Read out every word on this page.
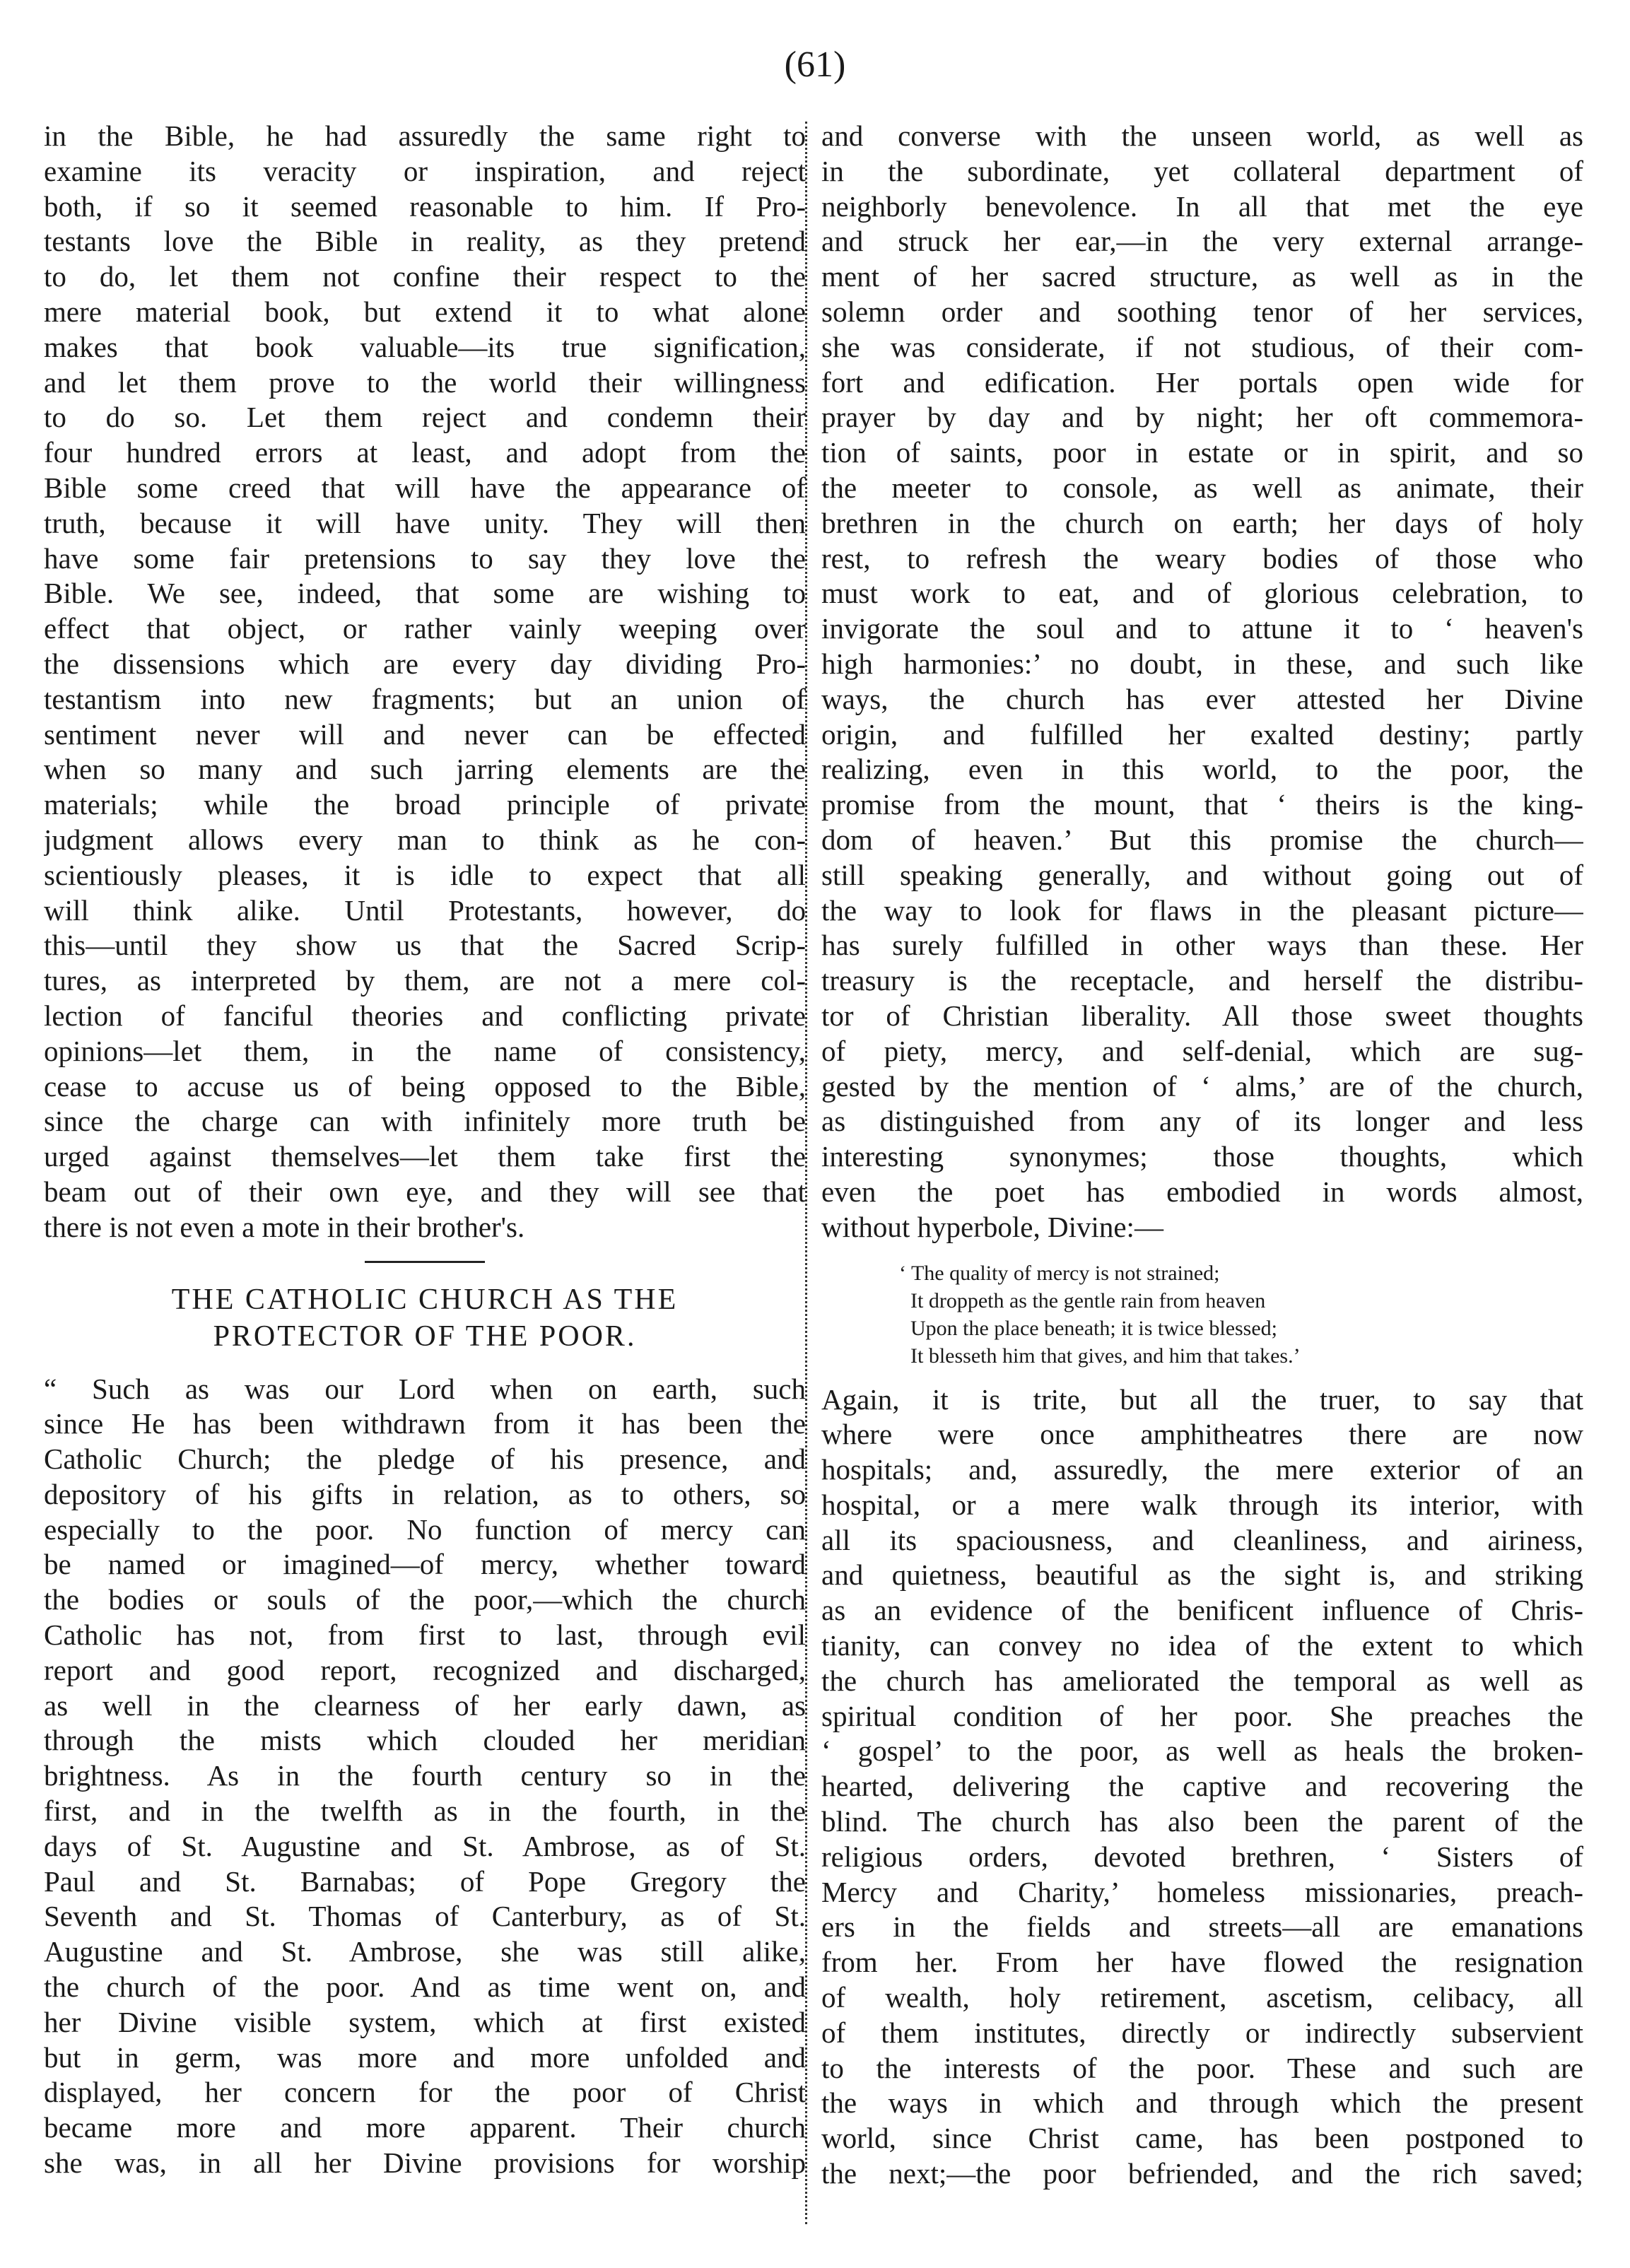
(61)
in the Bible, he had assuredly the same right to
examine its veracity or inspiration, and reject
both, if so it seemed reasonable to him. If Pro-
testants love the Bible in reality, as they pretend
to do, let them not confine their respect to the
mere material book, but extend it to what alone
makes that book valuable—its true signification,
and let them prove to the world their willingness
to do so. Let them reject and condemn their
four hundred errors at least, and adopt from the
Bible some creed that will have the appearance of
truth, because it will have unity. They will then
have some fair pretensions to say they love the
Bible. We see, indeed, that some are wishing to
effect that object, or rather vainly weeping over
the dissensions which are every day dividing Pro-
testantism into new fragments; but an union of
sentiment never will and never can be effected
when so many and such jarring elements are the
materials; while the broad principle of private
judgment allows every man to think as he con-
scientiously pleases, it is idle to expect that all
will think alike. Until Protestants, however, do
this—until they show us that the Sacred Scrip-
tures, as interpreted by them, are not a mere col-
lection of fanciful theories and conflicting private
opinions—let them, in the name of consistency,
cease to accuse us of being opposed to the Bible,
since the charge can with infinitely more truth be
urged against themselves—let them take first the
beam out of their own eye, and they will see that
there is not even a mote in their brother's.
THE CATHOLIC CHURCH AS THE
PROTECTOR OF THE POOR.
“ Such as was our Lord when on earth, such
since He has been withdrawn from it has been the
Catholic Church; the pledge of his presence, and
depository of his gifts in relation, as to others, so
especially to the poor. No function of mercy can
be named or imagined—of mercy, whether toward
the bodies or souls of the poor,—which the church
Catholic has not, from first to last, through evil
report and good report, recognized and discharged,
as well in the clearness of her early dawn, as
through the mists which clouded her meridian
brightness. As in the fourth century so in the
first, and in the twelfth as in the fourth, in the
days of St. Augustine and St. Ambrose, as of St.
Paul and St. Barnabas; of Pope Gregory the
Seventh and St. Thomas of Canterbury, as of St.
Augustine and St. Ambrose, she was still alike,
the church of the poor. And as time went on, and
her Divine visible system, which at first existed
but in germ, was more and more unfolded and
displayed, her concern for the poor of Christ
became more and more apparent. Their church
she was, in all her Divine provisions for worship
and converse with the unseen world, as well as
in the subordinate, yet collateral department of
neighborly benevolence. In all that met the eye
and struck her ear,—in the very external arrange-
ment of her sacred structure, as well as in the
solemn order and soothing tenor of her services,
she was considerate, if not studious, of their com-
fort and edification. Her portals open wide for
prayer by day and by night; her oft commemora-
tion of saints, poor in estate or in spirit, and so
the meeter to console, as well as animate, their
brethren in the church on earth; her days of holy
rest, to refresh the weary bodies of those who
must work to eat, and of glorious celebration, to
invigorate the soul and to attune it to ‘ heaven's
high harmonies:’ no doubt, in these, and such like
ways, the church has ever attested her Divine
origin, and fulfilled her exalted destiny; partly
realizing, even in this world, to the poor, the
promise from the mount, that ‘ theirs is the king-
dom of heaven.’ But this promise the church—
still speaking generally, and without going out of
the way to look for flaws in the pleasant picture—
has surely fulfilled in other ways than these. Her
treasury is the receptacle, and herself the distribu-
tor of Christian liberality. All those sweet thoughts
of piety, mercy, and self-denial, which are sug-
gested by the mention of ‘ alms,’ are of the church,
as distinguished from any of its longer and less
interesting synonymes; those thoughts, which
even the poet has embodied in words almost,
without hyperbole, Divine:—
‘ The quality of mercy is not strained;
It droppeth as the gentle rain from heaven
Upon the place beneath; it is twice blessed;
It blesseth him that gives, and him that takes.’
Again, it is trite, but all the truer, to say that
where were once amphitheatres there are now
hospitals; and, assuredly, the mere exterior of an
hospital, or a mere walk through its interior, with
all its spaciousness, and cleanliness, and airiness,
and quietness, beautiful as the sight is, and striking
as an evidence of the benificent influence of Chris-
tianity, can convey no idea of the extent to which
the church has ameliorated the temporal as well as
spiritual condition of her poor. She preaches the
‘ gospel’ to the poor, as well as heals the broken-
hearted, delivering the captive and recovering the
blind. The church has also been the parent of the
religious orders, devoted brethren, ‘ Sisters of
Mercy and Charity,’ homeless missionaries, preach-
ers in the fields and streets—all are emanations
from her. From her have flowed the resignation
of wealth, holy retirement, ascetism, celibacy, all
of them institutes, directly or indirectly subservient
to the interests of the poor. These and such are
the ways in which and through which the present
world, since Christ came, has been postponed to
the next;—the poor befriended, and the rich saved;
